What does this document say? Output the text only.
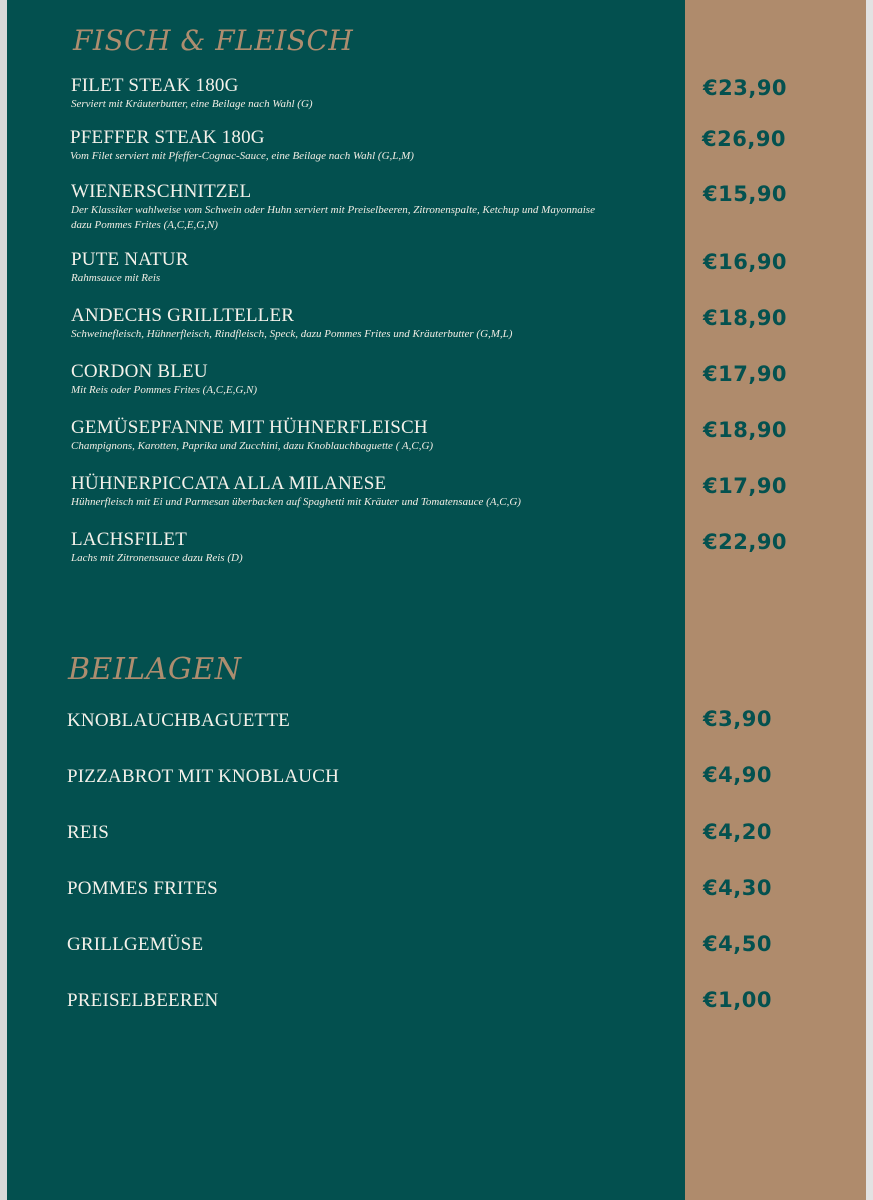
FISCH & FLEISCH
FILET STEAK 180G
Serviert mit Kräuterbutter, eine Beilage nach Wahl (G)
€23,90
PFEFFER STEAK 180G
Vom Filet serviert mit Pfeffer-Cognac-Sauce, eine Beilage nach Wahl (G,L,M)
€26,90
WIENERSCHNITZEL
Der Klassiker wahlweise vom Schwein oder Huhn serviert mit Preiselbeeren, Zitronenspalte, Ketchup und Mayonnaise dazu Pommes Frites (A,C,E,G,N)
€15,90
PUTE NATUR
Rahmsauce mit Reis
€16,90
ANDECHS GRILLTELLER
Schweinefleisch, Hühnerfleisch, Rindfleisch, Speck, dazu Pommes Frites und Kräuterbutter (G,M,L)
€18,90
CORDON BLEU
Mit Reis oder Pommes Frites (A,C,E,G,N)
€17,90
GEMÜSEPFANNE MIT HÜHNERFLEISCH
Champignons, Karotten, Paprika und Zucchini, dazu Knoblauchbaguette ( A,C,G)
€18,90
HÜHNERPICCATA ALLA MILANESE
Hühnerfleisch mit Ei und Parmesan überbacken auf Spaghetti mit Kräuter und Tomatensauce (A,C,G)
€17,90
LACHSFILET
Lachs mit Zitronensauce dazu Reis (D)
€22,90
BEILAGEN
KNOBLAUCHBAGUETTE	€3,90
PIZZABROT MIT KNOBLAUCH	€4,90
REIS	€4,20
POMMES FRITES	€4,30
GRILLGEMÜSE	€4,50
PREISELBEEREN	€1,00
